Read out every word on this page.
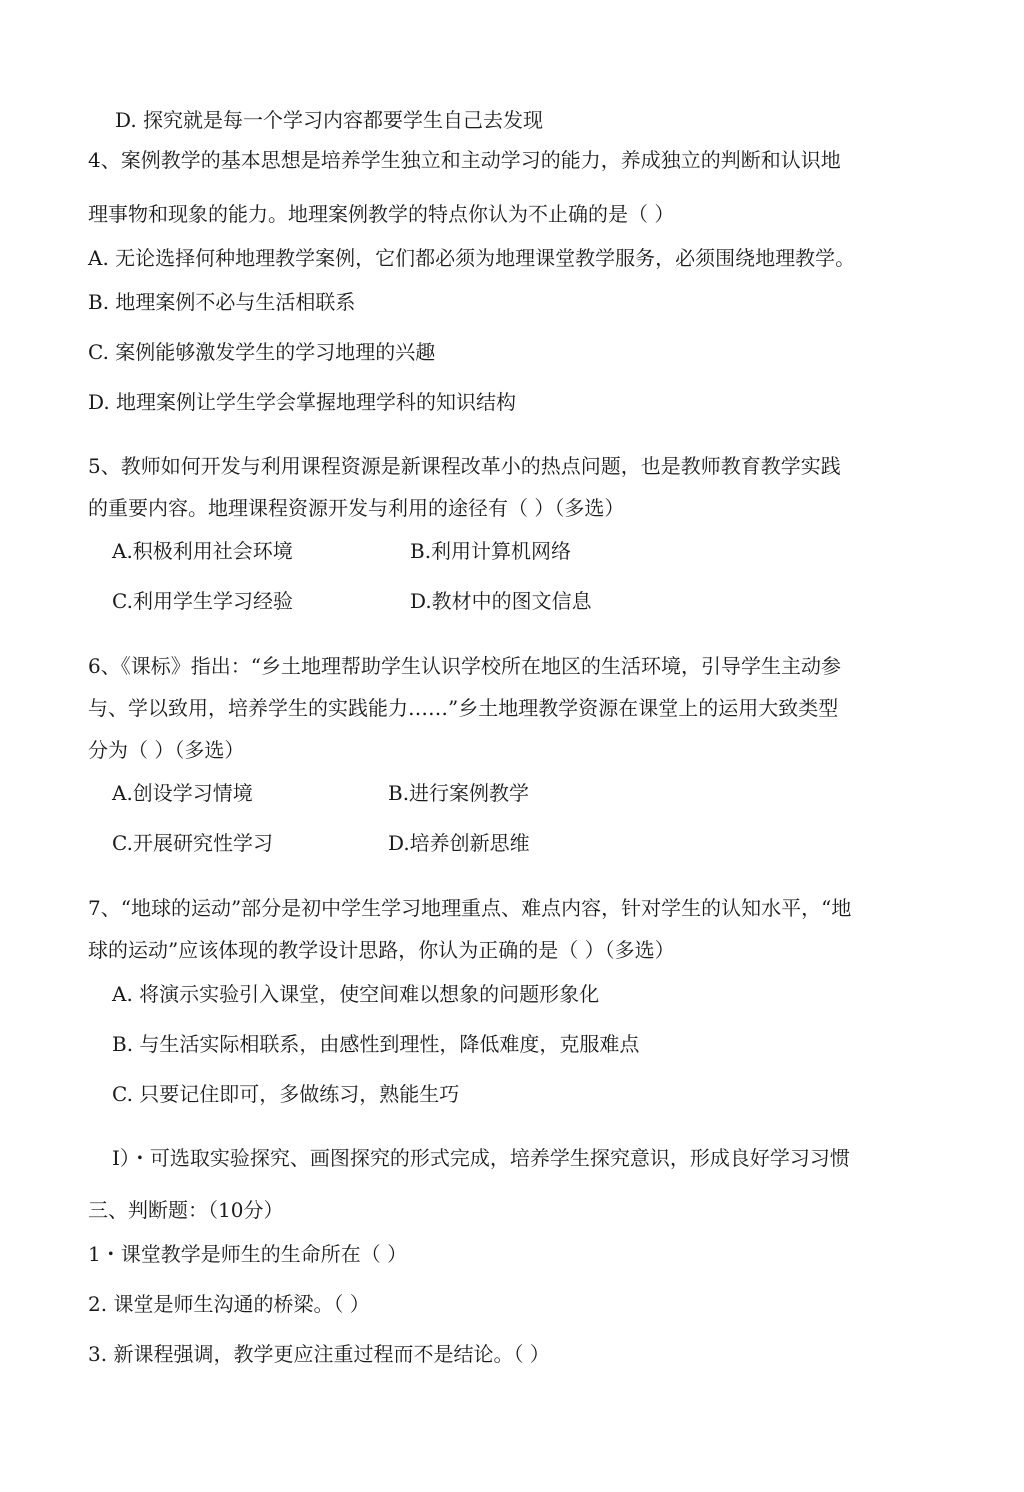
D. 探究就是每一个学习内容都要学生自己去发现
4、案例教学的基本思想是培养学生独立和主动学习的能力，养成独立的判断和认识地
理事物和现象的能力。地理案例教学的特点你认为不止确的是（ ）
A. 无论选择何种地理教学案例，它们都必须为地理课堂教学服务，必须围绕地理教学。
B. 地理案例不必与生活相联系
C. 案例能够激发学生的学习地理的兴趣
D. 地理案例让学生学会掌握地理学科的知识结构
5、教师如何开发与利用课程资源是新课程改革小的热点问题，也是教师教育教学实践
的重要内容。地理课程资源开发与利用的途径有（ ）（多选）
A.积极利用社会环境	B.利用计算机网络
C.利用学生学习经验	D.教材中的图文信息
6、《课标》指出：“乡土地理帮助学生认识学校所在地区的生活环境，引导学生主动参
与、学以致用，培养学生的实践能力……”乡土地理教学资源在课堂上的运用大致类型
分为（ ）（多选）
A.创设学习情境	B.进行案例教学
C.开展研究性学习	D.培养创新思维
7、“地球的运动”部分是初中学生学习地理重点、难点内容，针对学生的认知水平，“地
球的运动”应该体现的教学设计思路，你认为正确的是（ ）（多选）
A. 将演示实验引入课堂，使空间难以想象的问题形象化
B. 与生活实际相联系，由感性到理性，降低难度，克服难点
C. 只要记住即可，多做练习，熟能生巧
I）・可选取实验探究、画图探究的形式完成，培养学生探究意识，形成良好学习习惯
三、判断题：（10分）
1・课堂教学是师生的生命所在（ ）
2. 课堂是师生沟通的桥梁。（ ）
3. 新课程强调，教学更应注重过程而不是结论。（ ）
